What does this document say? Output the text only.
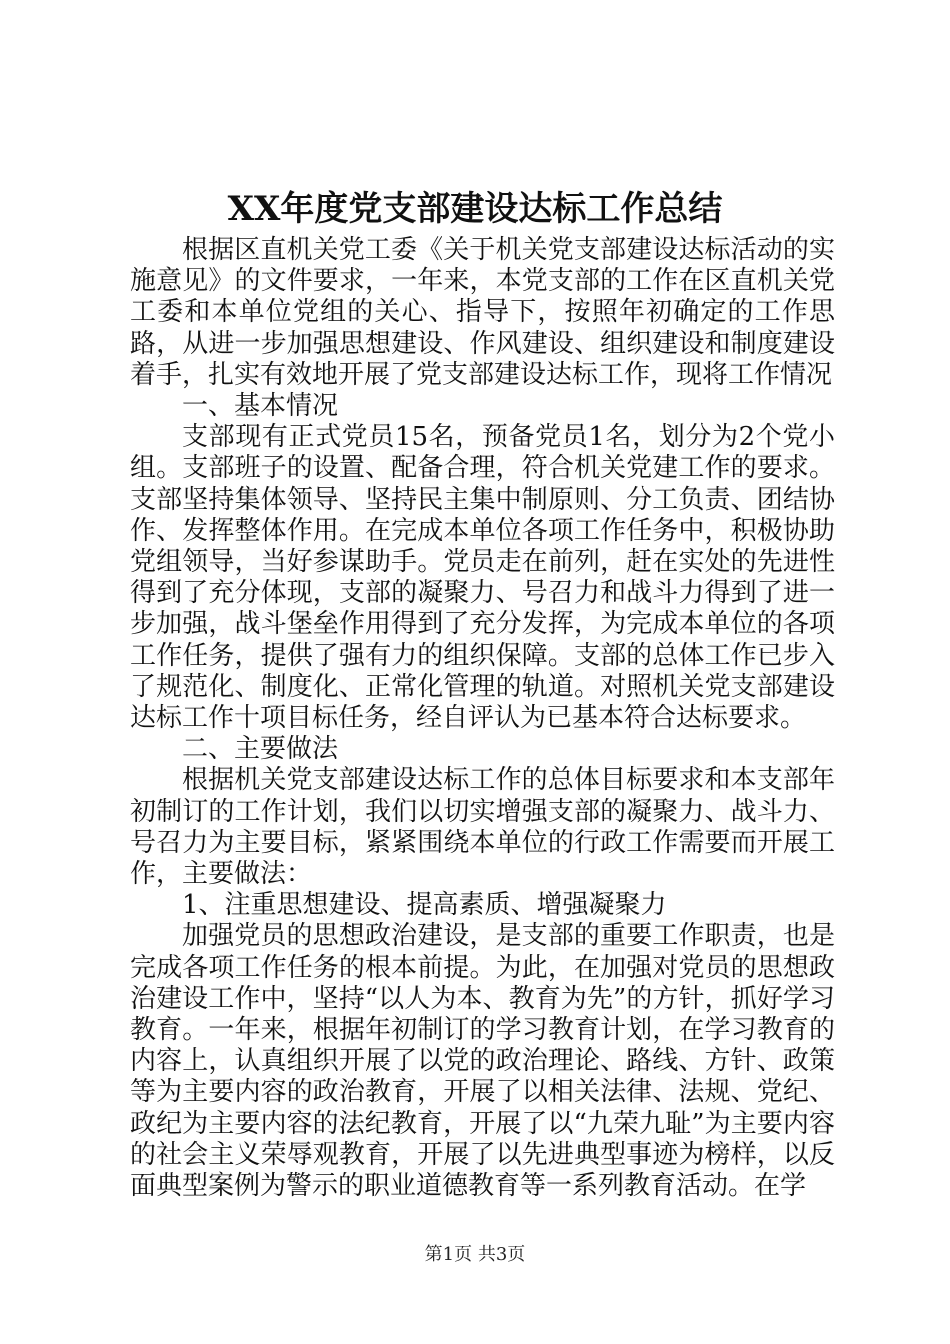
XX年度党支部建设达标工作总结

根据区直机关党工委《关于机关党支部建设达标活动的实施意见》的文件要求，一年来，本党支部的工作在区直机关党工委和本单位党组的关心、指导下，按照年初确定的工作思路，从进一步加强思想建设、作风建设、组织建设和制度建设着手，扎实有效地开展了党支部建设达标工作，现将工作情况

一、基本情况

支部现有正式党员15名，预备党员1名，划分为2个党小组。支部班子的设置、配备合理，符合机关党建工作的要求。支部坚持集体领导、坚持民主集中制原则、分工负责、团结协作、发挥整体作用。在完成本单位各项工作任务中，积极协助党组领导，当好参谋助手。党员走在前列，赶在实处的先进性得到了充分体现，支部的凝聚力、号召力和战斗力得到了进一步加强，战斗堡垒作用得到了充分发挥，为完成本单位的各项工作任务，提供了强有力的组织保障。支部的总体工作已步入了规范化、制度化、正常化管理的轨道。对照机关党支部建设达标工作十项目标任务，经自评认为已基本符合达标要求。

二、主要做法

根据机关党支部建设达标工作的总体目标要求和本支部年初制订的工作计划，我们以切实增强支部的凝聚力、战斗力、号召力为主要目标，紧紧围绕本单位的行政工作需要而开展工作，主要做法：

1、注重思想建设、提高素质、增强凝聚力

加强党员的思想政治建设，是支部的重要工作职责，也是完成各项工作任务的根本前提。为此，在加强对党员的思想政治建设工作中，坚持“以人为本、教育为先”的方针，抓好学习教育。一年来，根据年初制订的学习教育计划，在学习教育的内容上，认真组织开展了以党的政治理论、路线、方针、政策等为主要内容的政治教育，开展了以相关法律、法规、党纪、政纪为主要内容的法纪教育，开展了以“九荣九耻”为主要内容的社会主义荣辱观教育，开展了以先进典型事迹为榜样，以反面典型案例为警示的职业道德教育等一系列教育活动。在学

第1页 共3页
